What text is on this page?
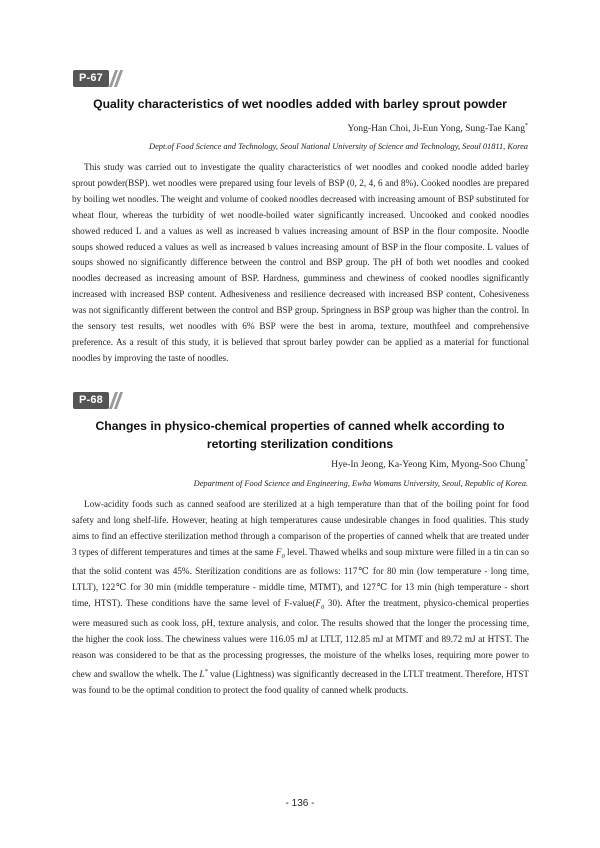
P-67
Quality characteristics of wet noodles added with barley sprout powder
Yong-Han Choi, Ji-Eun Yong, Sung-Tae Kang*
Dept.of Food Science and Technology, Seoul National University of Science and Technology, Seoul 01811, Korea

This study was carried out to investigate the quality characteristics of wet noodles and cooked noodle added barley sprout powder(BSP). wet noodles were prepared using four levels of BSP (0, 2, 4, 6 and 8%). Cooked noodles are prepared by boiling wet noodles. The weight and volume of cooked noodles decreased with increasing amount of BSP substituted for wheat flour, whereas the turbidity of wet noodle-boiled water significantly increased. Uncooked and cooked noodles showed reduced L and a values as well as increased b values increasing amount of BSP in the flour composite. Noodle soups showed reduced a values as well as increased b values increasing amount of BSP in the flour composite. L values of soups showed no significantly difference between the control and BSP group. The pH of both wet noodles and cooked noodles decreased as increasing amount of BSP. Hardness, gumminess and chewiness of cooked noodles significantly increased with increased BSP content. Adhesiveness and resilience decreased with increased BSP content, Cohesiveness was not significantly different between the control and BSP group. Springness in BSP group was higher than the control. In the sensory test results, wet noodles with 6% BSP were the best in aroma, texture, mouthfeel and comprehensive preference. As a result of this study, it is believed that sprout barley powder can be applied as a material for functional noodles by improving the taste of noodles.

P-68
Changes in physico-chemical properties of canned whelk according to
retorting sterilization conditions
Hye-In Jeong, Ka-Yeong Kim, Myong-Soo Chung*
Department of Food Science and Engineering, Ewha Womans University, Seoul, Republic of Korea.

Low-acidity foods such as canned seafood are sterilized at a high temperature than that of the boiling point for food safety and long shelf-life. However, heating at high temperatures cause undesirable changes in food qualities. This study aims to find an effective sterilization method through a comparison of the properties of canned whelk that are treated under 3 types of different temperatures and times at the same $F_0$ level. Thawed whelks and soup mixture were filled in a tin can so that the solid content was 45%. Sterilization conditions are as follows: 117℃ for 80 min (low temperature - long time, LTLT), 122℃ for 30 min (middle temperature - middle time, MTMT), and 127℃ for 13 min (high temperature - short time, HTST). These conditions have the same level of $F-value(F_0$ 30). After the treatment, physico-chemical properties were measured such as cook loss, pH, texture analysis, and color. The results showed that the longer the processing time, the higher the cook loss. The chewiness values were 116.05 mJ at LTLT, 112.85 mJ at MTMT and 89.72 mJ at HTST. The reason was considered to be that as the processing progresses, the moisture of the whelks loses, requiring more power to chew and swallow the whelk. The L* value (Lightness) was significantly decreased in the LTLT treatment. Therefore, HTST was found to be the optimal condition to protect the food quality of canned whelk products.

- 136 -
